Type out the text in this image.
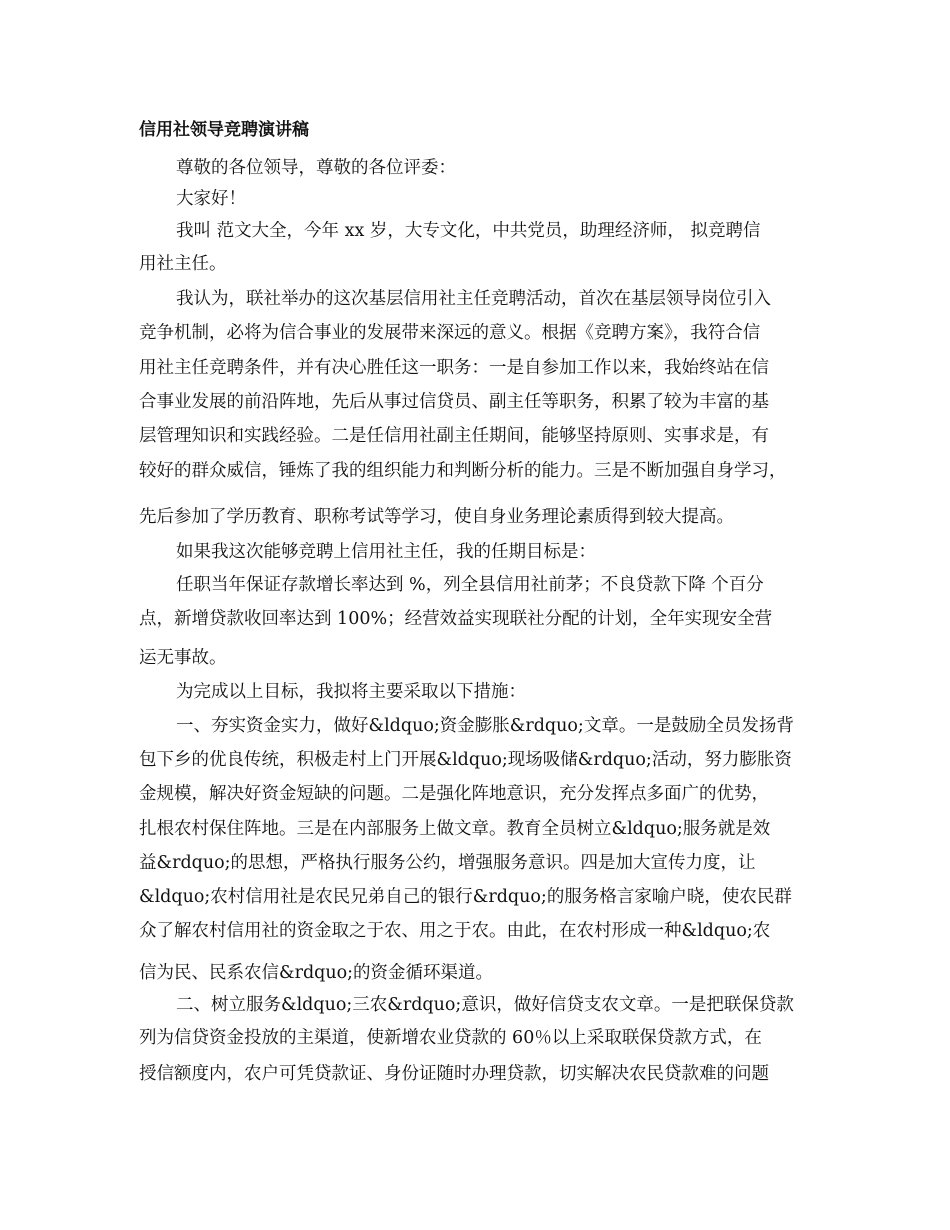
信用社领导竞聘演讲稿
尊敬的各位领导，尊敬的各位评委：
大家好！
我叫 范文大全，今年 xx 岁，大专文化，中共党员，助理经济师， 拟竞聘信
用社主任。
我认为，联社举办的这次基层信用社主任竞聘活动，首次在基层领导岗位引入
竞争机制，必将为信合事业的发展带来深远的意义。根据《竞聘方案》，我符合信
用社主任竞聘条件，并有决心胜任这一职务：一是自参加工作以来，我始终站在信
合事业发展的前沿阵地，先后从事过信贷员、副主任等职务，积累了较为丰富的基
层管理知识和实践经验。二是任信用社副主任期间，能够坚持原则、实事求是，有
较好的群众威信，锤炼了我的组织能力和判断分析的能力。三是不断加强自身学习，
先后参加了学历教育、职称考试等学习，使自身业务理论素质得到较大提高。
如果我这次能够竞聘上信用社主任，我的任期目标是：
任职当年保证存款增长率达到 %，列全县信用社前茅；不良贷款下降 个百分
点，新增贷款收回率达到 100%；经营效益实现联社分配的计划，全年实现安全营
运无事故。
为完成以上目标，我拟将主要采取以下措施：
一、夯实资金实力，做好&ldquo;资金膨胀&rdquo;文章。一是鼓励全员发扬背
包下乡的优良传统，积极走村上门开展&ldquo;现场吸储&rdquo;活动，努力膨胀资
金规模，解决好资金短缺的问题。二是强化阵地意识，充分发挥点多面广的优势，
扎根农村保住阵地。三是在内部服务上做文章。教育全员树立&ldquo;服务就是效
益&rdquo;的思想，严格执行服务公约，增强服务意识。四是加大宣传力度，让
&ldquo;农村信用社是农民兄弟自己的银行&rdquo;的服务格言家喻户晓，使农民群
众了解农村信用社的资金取之于农、用之于农。由此，在农村形成一种&ldquo;农
信为民、民系农信&rdquo;的资金循环渠道。
二、树立服务&ldquo;三农&rdquo;意识，做好信贷支农文章。一是把联保贷款
列为信贷资金投放的主渠道，使新增农业贷款的 60％以上采取联保贷款方式，在
授信额度内，农户可凭贷款证、身份证随时办理贷款，切实解决农民贷款难的问题
